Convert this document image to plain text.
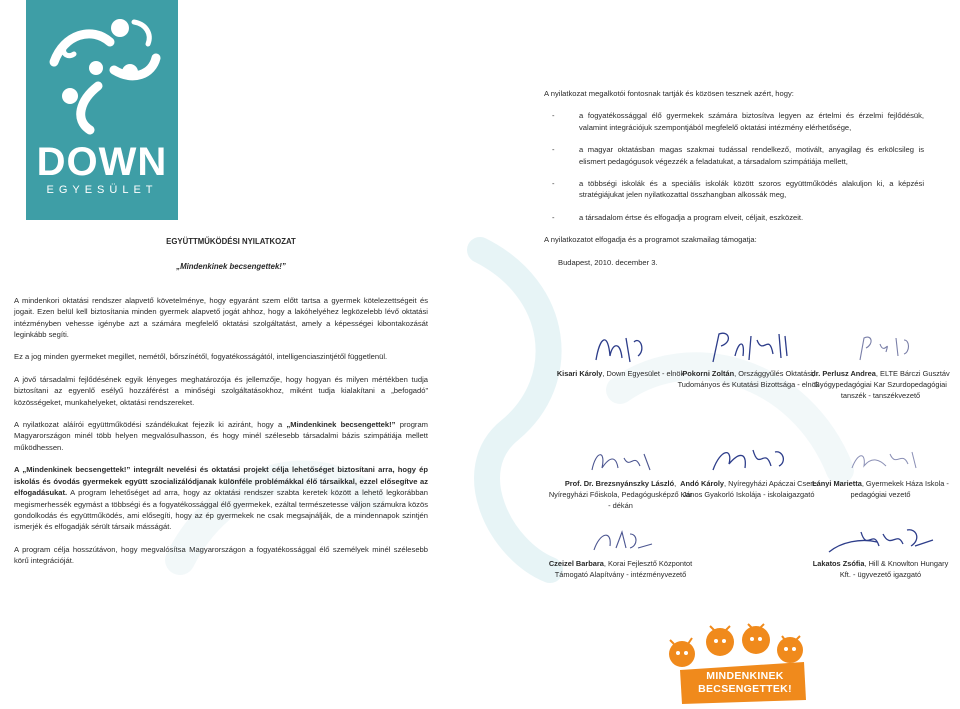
DOWN
EGYESÜLET
EGYÜTTMŰKÖDÉSI NYILATKOZAT
„Mindenkinek becsengettek!”
A mindenkori oktatási rendszer alapvető követelménye, hogy egyaránt szem előtt tartsa a gyermek kötelezettségeit és jogait. Ezen belül kell biztosítania minden gyermek alapvető jogát ahhoz, hogy a lakóhelyéhez legközelebb lévő oktatási intézményben vehesse igénybe azt a számára megfelelő oktatási szolgáltatást, amely a képességei kibontakozását leginkább segíti.
Ez a jog minden gyermeket megillet, nemétől, bőrszínétől, fogyatékosságától, intelligenciaszintjétől függetlenül.
A jövő társadalmi fejlődésének egyik lényeges meghatározója és jellemzője, hogy hogyan és milyen mértékben tudja biztosítani az egyenlő esélyű hozzáférést a minőségi szolgáltatásokhoz, miként tudja kialakítani a „befogadó” közösségeket, munkahelyeket, oktatási rendszereket.
A nyilatkozat aláírói együttműködési szándékukat fejezik ki aziránt, hogy a „Mindenkinek becsengettek!” program Magyarországon minél több helyen megvalósulhasson, és hogy minél szélesebb társadalmi bázis szimpátiája mellett működhessen.
A „Mindenkinek becsengettek!” integrált nevelési és oktatási projekt célja lehetőséget biztosítani arra, hogy ép iskolás és óvodás gyermekek együtt szocializálódjanak különféle problémákkal élő társaikkal, ezzel elősegítve az elfogadásukat. A program lehetőséget ad arra, hogy az oktatási rendszer szabta keretek között a lehető legkorábban megismerhessék egymást a többségi és a fogyatékossággal élő gyermekek, ezáltal természetesse váljon számukra közös gondolkodás és együttműködés, ami elősegíti, hogy az ép gyermekek ne csak megsajnálják, de a mindennapok szintjén ismerjék és elfogadják sérült társaik másságát.
A program célja hosszútávon, hogy megvalósítsa Magyarországon a fogyatékossággal élő személyek minél szélesebb körű integrációját.
A nyilatkozat megalkotói fontosnak tartják és közösen tesznek azért, hogy:
-	a fogyatékossággal élő gyermekek számára biztosítva legyen az értelmi és érzelmi fejlődésük, valamint integrációjuk szempontjából megfelelő oktatási intézmény elérhetősége,
-	a magyar oktatásban magas szakmai tudással rendelkező, motivált, anyagilag és erkölcsileg is elismert pedagógusok végezzék a feladatukat, a társadalom szimpátiája mellett,
-	a többségi iskolák és a speciális iskolák között szoros együttműködés alakuljon ki, a képzési stratégiájukat jelen nyilatkozattal összhangban alkossák meg,
-	a társadalom értse és elfogadja a program elveit, céljait, eszközeit.
A nyilatkozatot elfogadja és a programot szakmailag támogatja:
Budapest, 2010. december 3.
Kisari Károly, Down Egyesület - elnök
Pokorni Zoltán, Országgyűlés Oktatási, Tudományos és Kutatási Bizottsága - elnök
dr. Perlusz Andrea, ELTE Bárczi Gusztáv Gyógypedagógiai Kar Szurdopedagógiai tanszék - tanszékvezető
Prof. Dr. Brezsnyánszky László, Nyíregyházi Főiskola, Pedagógusképző Kar - dékán
Andó Károly, Nyíregyházi Apáczai Csere János Gyakorló Iskolája - iskolaigazgató
Lányi Marietta, Gyermekek Háza Iskola - pedagógiai vezető
Czeizel Barbara, Korai Fejlesztő Központot Támogató Alapítvány - intézményvezető
Lakatos Zsófia, Hill & Knowlton Hungary Kft. - ügyvezető igazgató
MINDENKINEK
BECSENGETTEK!
